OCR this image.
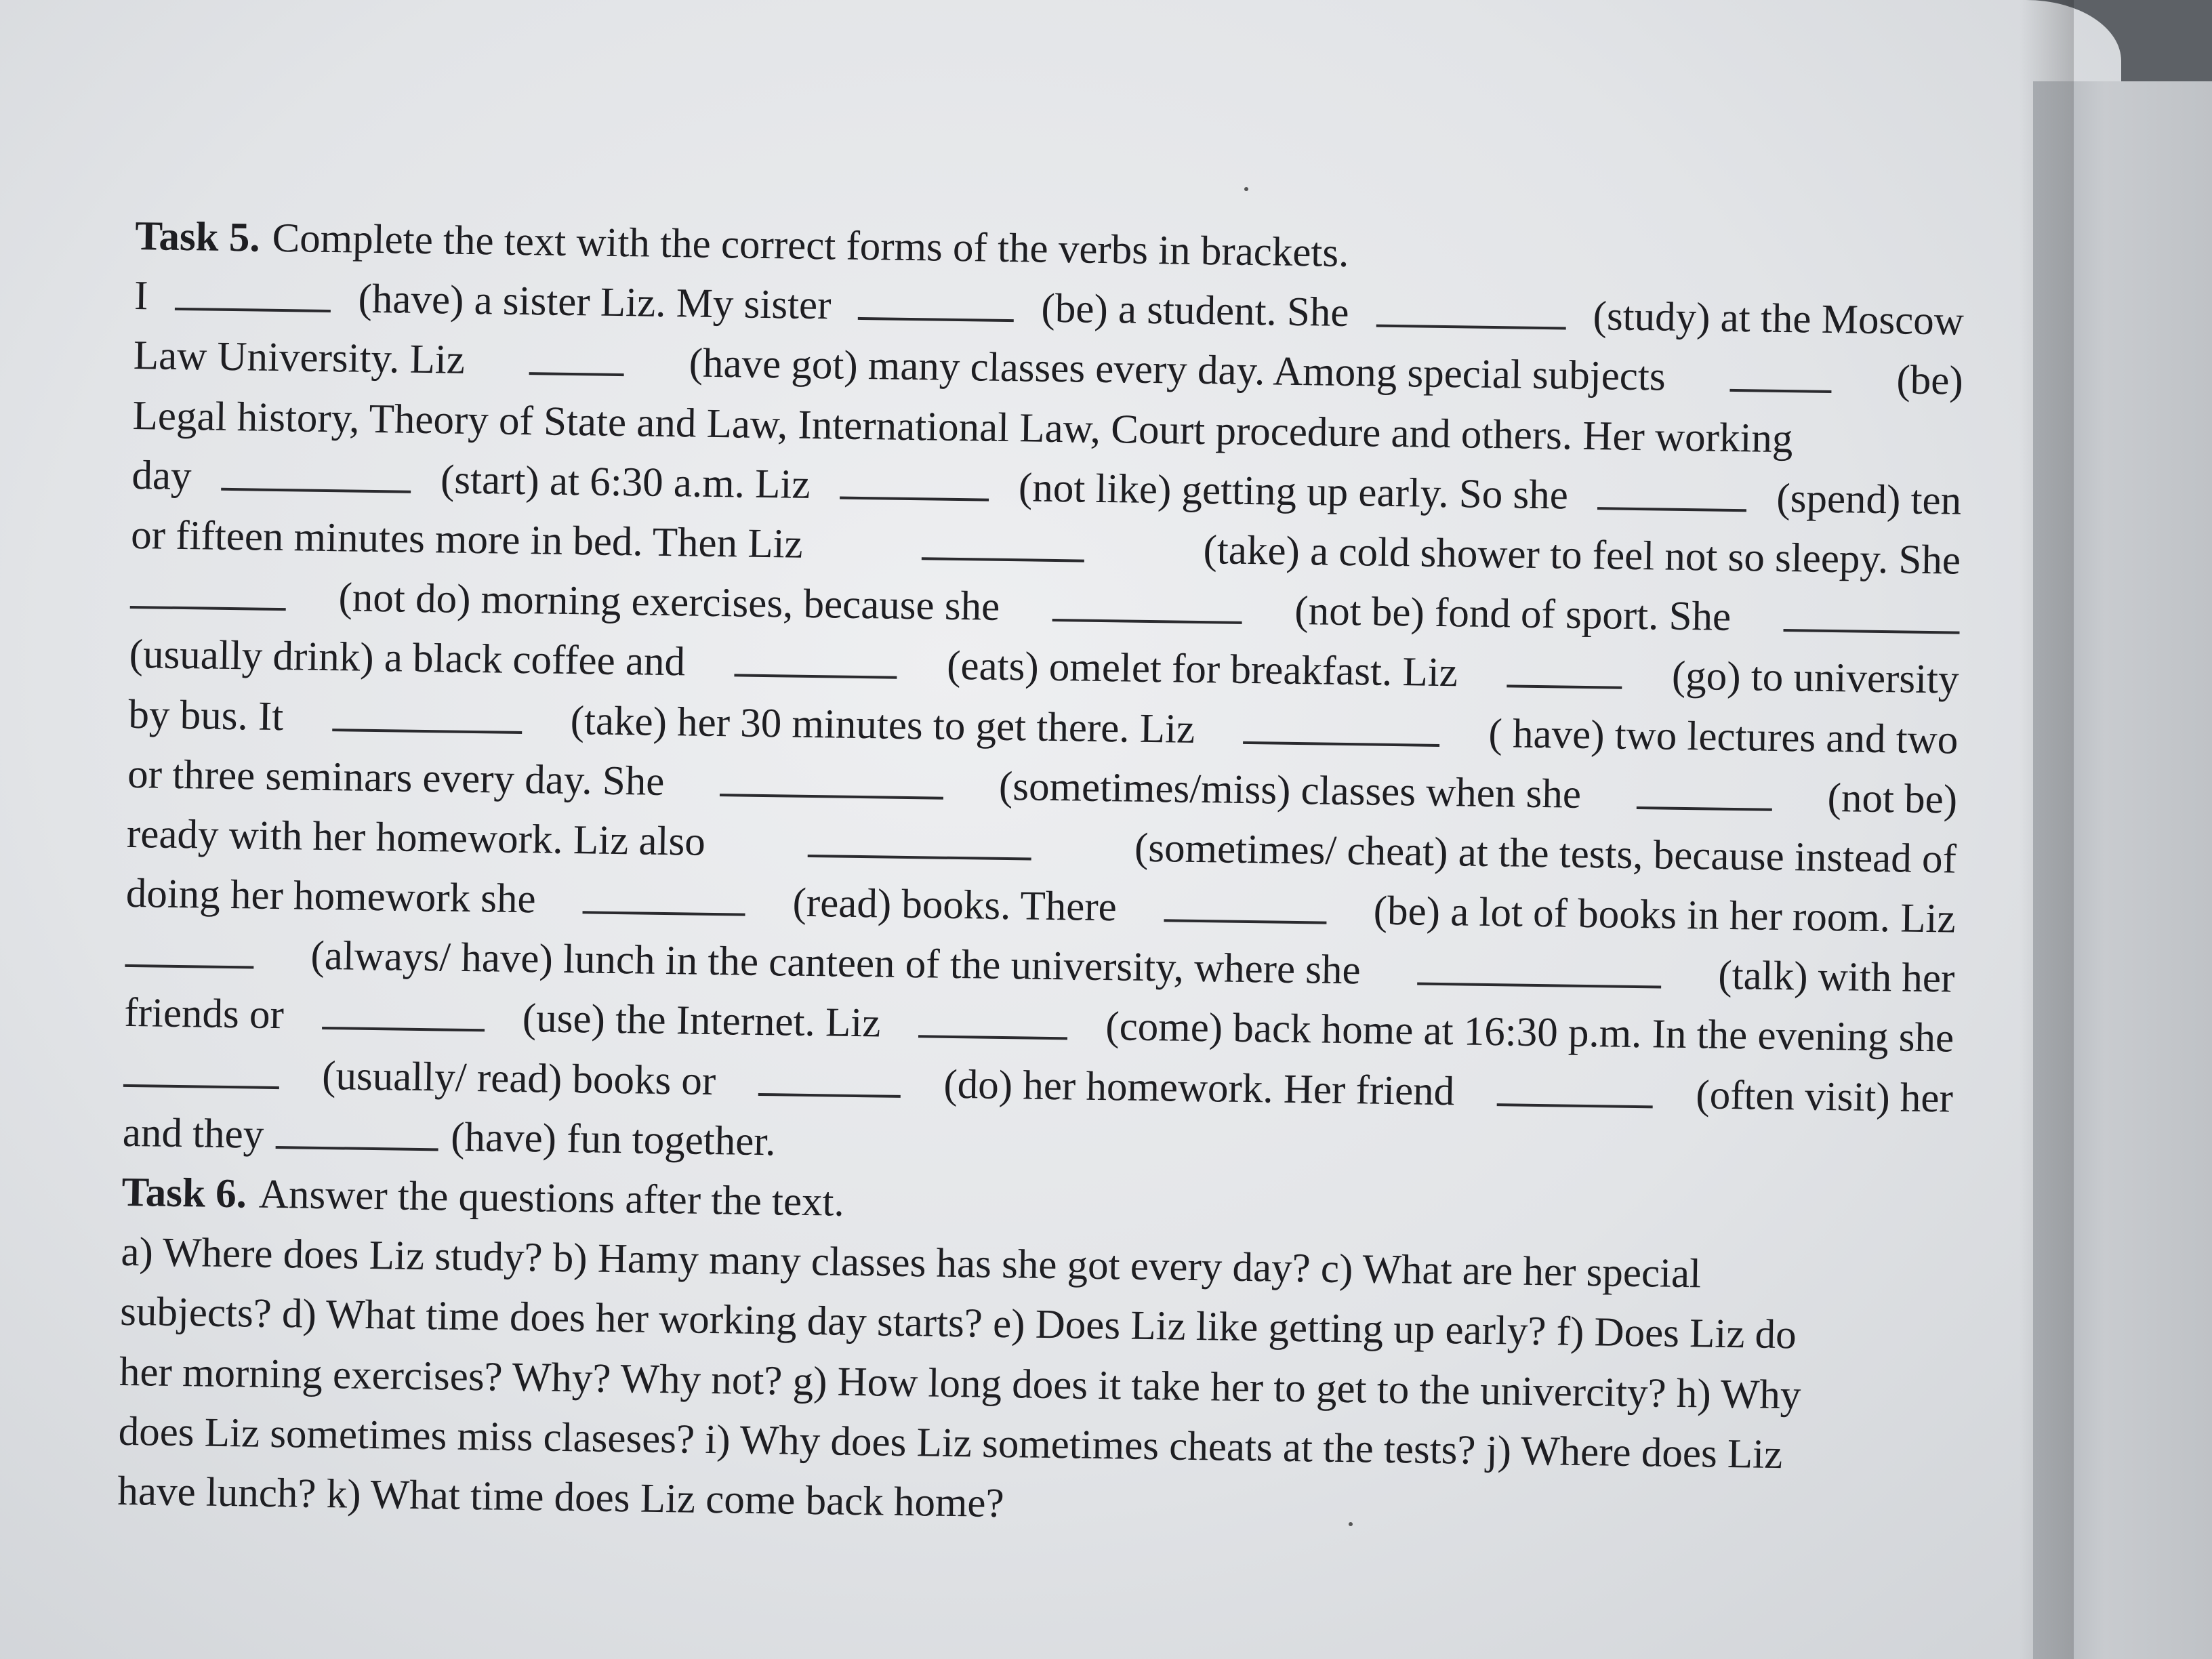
Task 5. Complete the text with the correct forms of the verbs in brackets.
I	(have) a sister Liz. My sister	(be) a student. She	(study) at the Moscow
Law University. Liz	(have got) many classes every day. Among special subjects	(be)
Legal history, Theory of State and Law, International Law, Court procedure and others. Her working
day	(start) at 6:30 a.m. Liz	(not like) getting up early. So she	(spend) ten
or fifteen minutes more in bed. Then Liz	(take) a cold shower to feel not so sleepy. She
(not do) morning exercises, because she	(not be) fond of sport. She
(usually drink) a black coffee and	(eats) omelet for breakfast. Liz	(go) to university
by bus. It	(take) her 30 minutes to get there. Liz	( have) two lectures and two
or three seminars every day. She	(sometimes/miss) classes when she	(not be)
ready with her homework. Liz also	(sometimes/ cheat) at the tests, because instead of
doing her homework she	(read) books. There	(be) a lot of books in her room. Liz
(always/ have) lunch in the canteen of the university, where she	(talk) with her
friends or	(use) the Internet. Liz	(come) back home at 16:30 p.m. In the evening she
(usually/ read) books or	(do) her homework. Her friend	(often visit) her
and they	(have) fun together.
Task 6. Answer the questions after the text.
a) Where does Liz study? b) Hamy many classes has she got every day? c) What are her special
subjects? d) What time does her working day starts? e) Does Liz like getting up early? f) Does Liz do
her morning exercises? Why? Why not? g) How long does it take her to get to the univercity? h) Why
does Liz sometimes miss claseses? i) Why does Liz sometimes cheats at the tests? j) Where does Liz
have lunch? k) What time does Liz come back home?
